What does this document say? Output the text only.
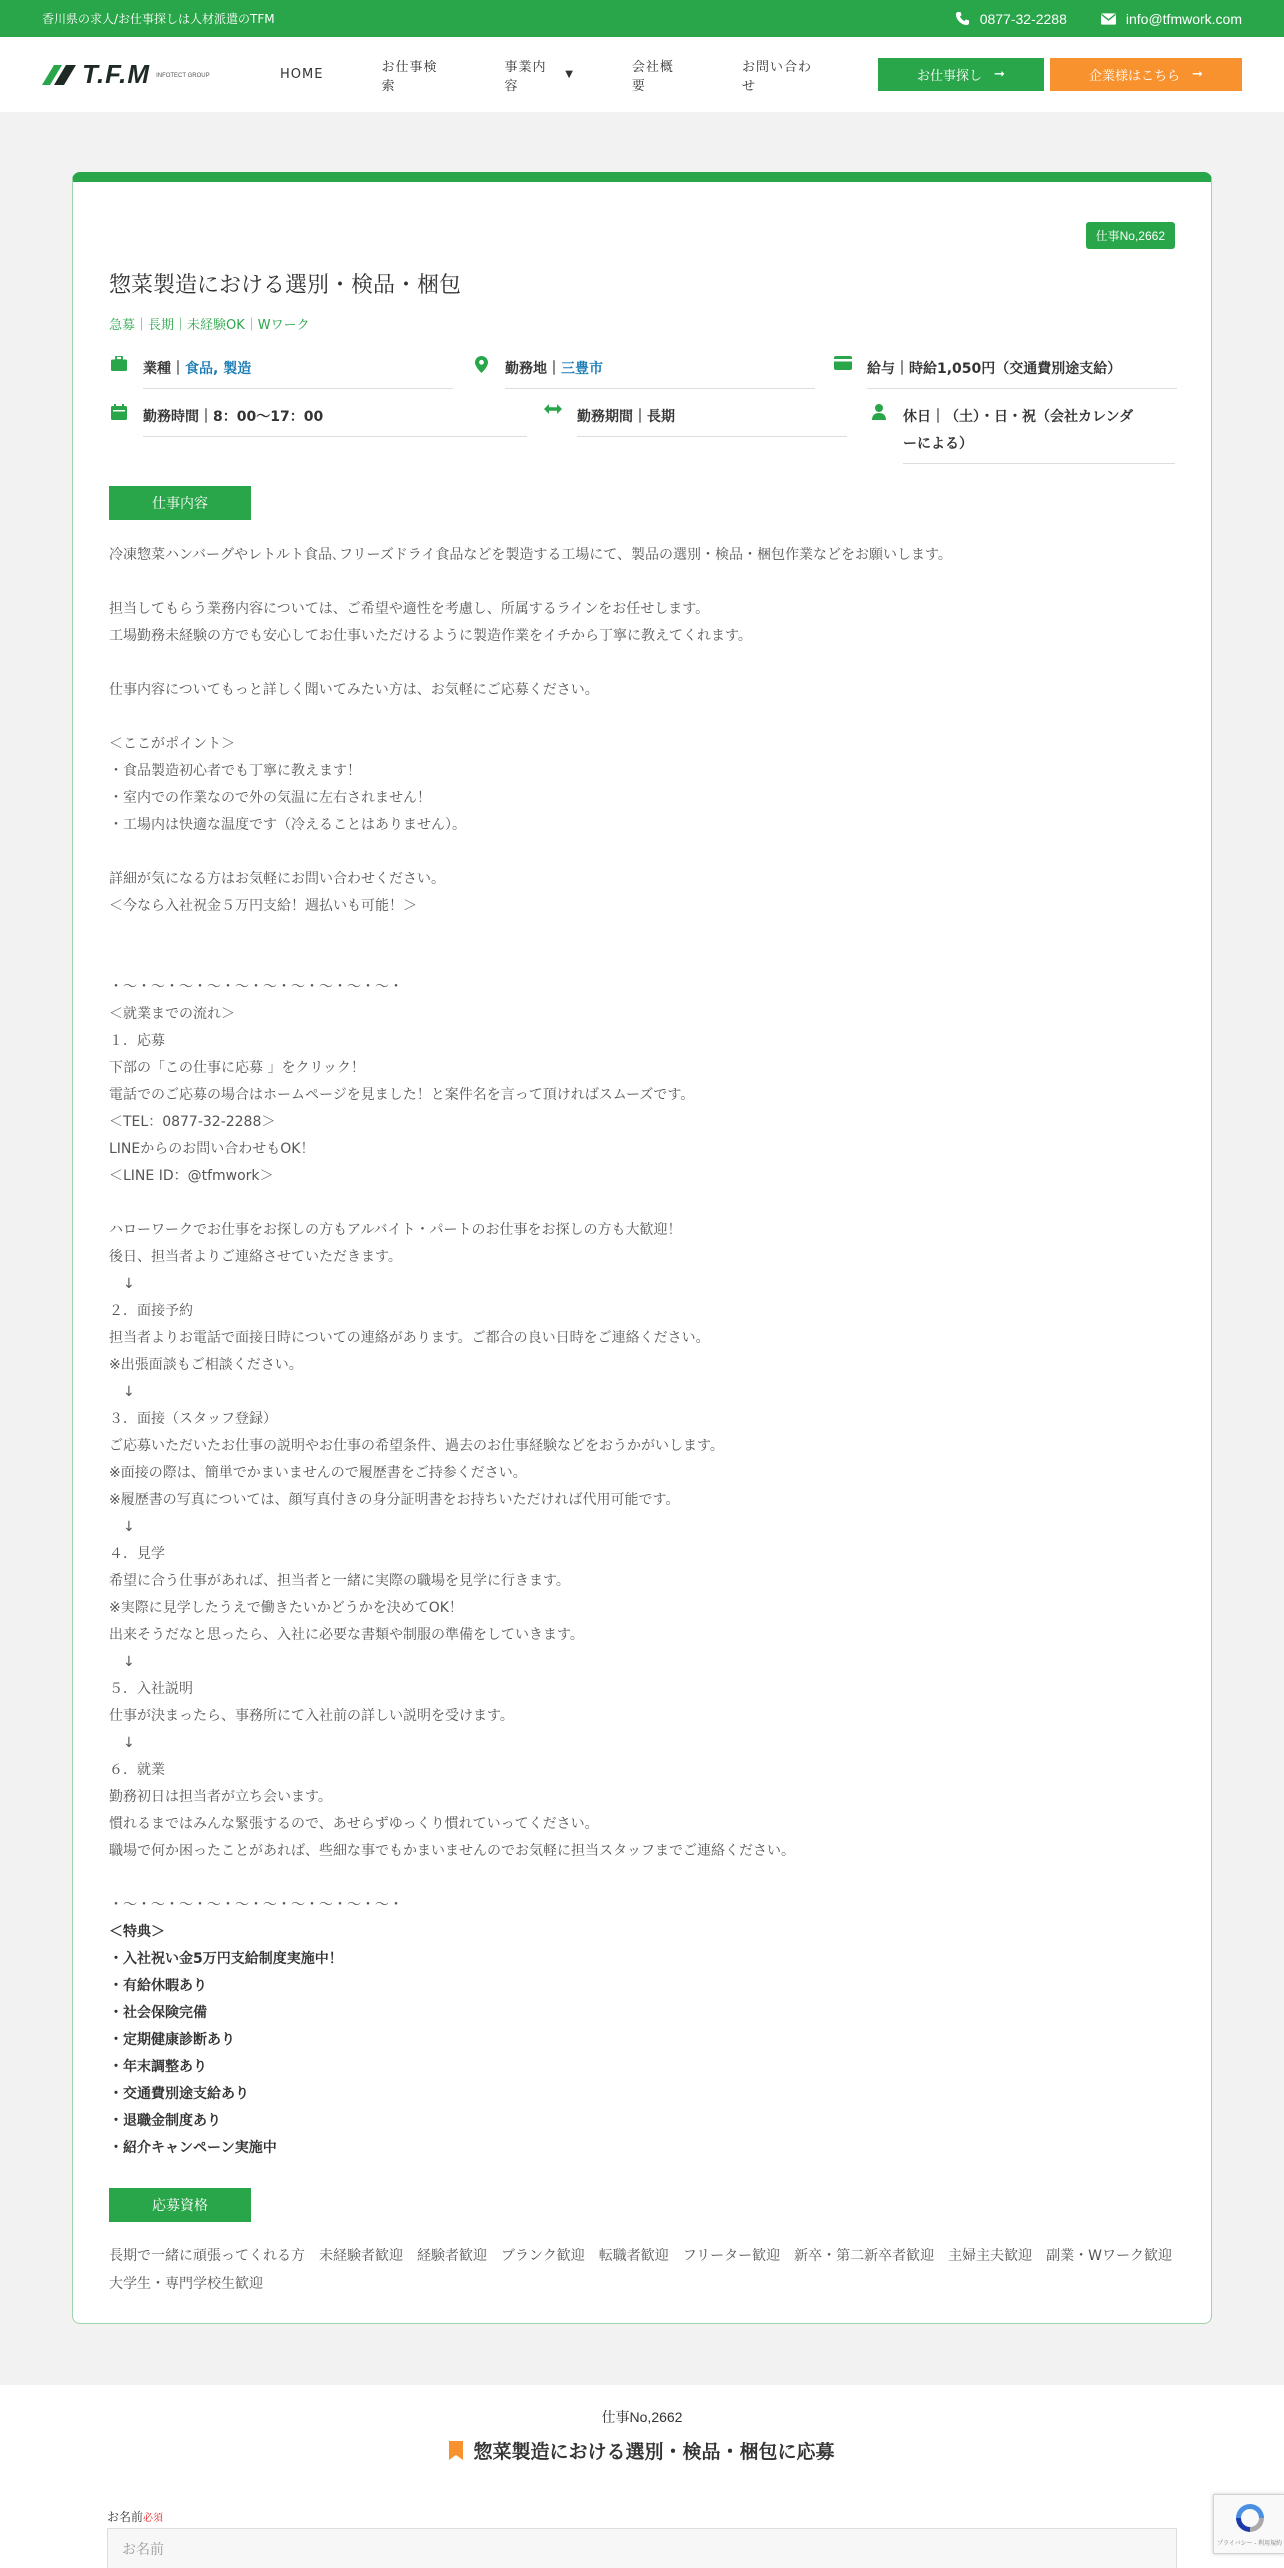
香川県の求人/お仕事探しは人材派遣のTFM	0877-32-2288	info@tfmwork.com
T.F.M INFOTECT GROUP	HOME	お仕事検索
事業内容
▼	会社概要
お問い合わせ
お仕事探し ➞	企業様はこちら ➞
仕事No,2662
惣菜製造における選別・検品・梱包
急募｜長期｜未経験OK｜Wワーク
業種｜食品, 製造	勤務地｜三豊市	給与｜時給1,050円（交通費別途支給）
勤務時間｜8：00～17：00	勤務期間｜長期	休日｜（土）・日・祝（会社カレンダ
ーによる）
仕事内容
冷凍惣菜ハンバーグやレトルト食品､フリーズドライ食品などを製造する工場にて、製品の選別・検品・梱包作業などをお願いします。
担当してもらう業務内容については、ご希望や適性を考慮し、所属するラインをお任せします。
工場勤務未経験の方でも安心してお仕事いただけるように製造作業をイチから丁寧に教えてくれます。
仕事内容についてもっと詳しく聞いてみたい方は、お気軽にご応募ください。
＜ここがポイント＞
・食品製造初心者でも丁寧に教えます！
・室内での作業なので外の気温に左右されません！
・工場内は快適な温度です（冷えることはありません）。
詳細が気になる方はお気軽にお問い合わせください。
＜今なら入社祝金５万円支給！週払いも可能！＞
・～・～・～・～・～・～・～・～・～・～・
＜就業までの流れ＞
１．応募
下部の「この仕事に応募 」をクリック！
電話でのご応募の場合はホームページを見ました！と案件名を言って頂ければスムーズです。
＜TEL：0877-32-2288＞
LINEからのお問い合わせもOK！
＜LINE ID：@tfmwork＞
ハローワークでお仕事をお探しの方もアルバイト・パートのお仕事をお探しの方も大歓迎！
後日、担当者よりご連絡させていただきます。
　↓
２．面接予約
担当者よりお電話で面接日時についての連絡があります。ご都合の良い日時をご連絡ください。
※出張面談もご相談ください。
　↓
３．面接（スタッフ登録）
ご応募いただいたお仕事の説明やお仕事の希望条件、過去のお仕事経験などをおうかがいします。
※面接の際は、簡単でかまいませんので履歴書をご持参ください。
※履歴書の写真については、顔写真付きの身分証明書をお持ちいただければ代用可能です。
　↓
４．見学
希望に合う仕事があれば、担当者と一緒に実際の職場を見学に行きます。
※実際に見学したうえで働きたいかどうかを決めてOK！
出来そうだなと思ったら、入社に必要な書類や制服の準備をしていきます。
　↓
５．入社説明
仕事が決まったら、事務所にて入社前の詳しい説明を受けます。
　↓
６．就業
勤務初日は担当者が立ち会います。
慣れるまではみんな緊張するので、あせらずゆっくり慣れていってください。
職場で何か困ったことがあれば、些細な事でもかまいませんのでお気軽に担当スタッフまでご連絡ください。
・～・～・～・～・～・～・～・～・～・～・
＜特典＞
・入社祝い金5万円支給制度実施中！
・有給休暇あり
・社会保険完備
・定期健康診断あり
・年末調整あり
・交通費別途支給あり
・退職金制度あり
・紹介キャンペーン実施中
応募資格
長期で一緒に頑張ってくれる方　未経験者歓迎　経験者歓迎　ブランク歓迎　転職者歓迎　フリーター歓迎　新卒・第二新卒者歓迎　主婦主夫歓迎　副業・Wワーク歓迎　大学生・専門学校生歓迎
仕事No,2662
惣菜製造における選別・検品・梱包に応募
お名前必須
お名前
プライバシー - 利用規約
